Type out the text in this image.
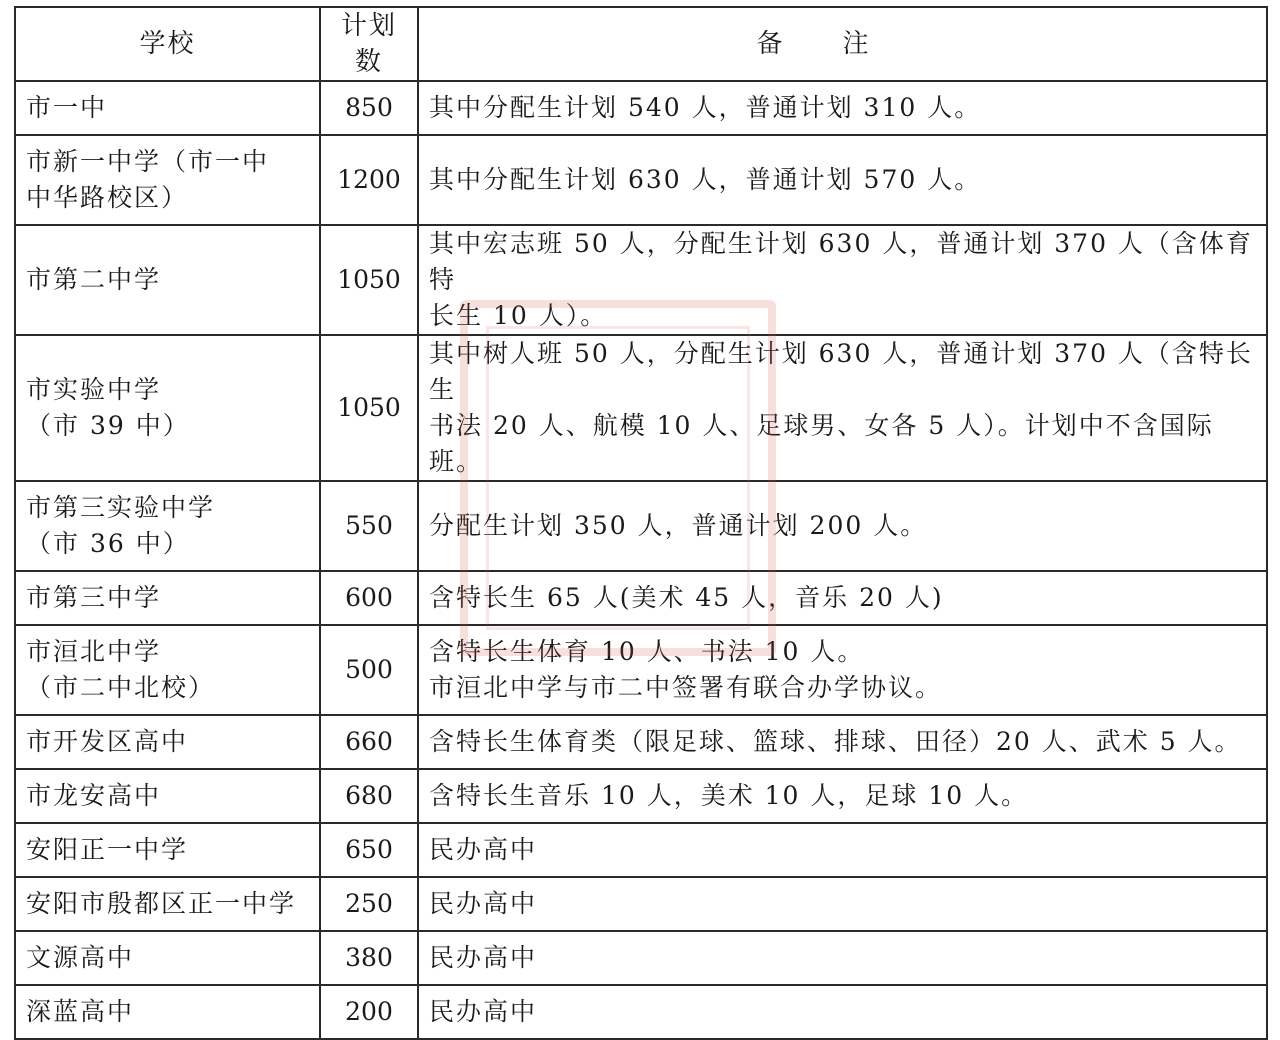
学校	计划数	备注

市一中	850	其中分配生计划 540 人，普通计划 310 人。

市新一中学（市一中
中华路校区）	1200	其中分配生计划 630 人，普通计划 570 人。

市第二中学	1050	其中宏志班 50 人，分配生计划 630 人，普通计划 370 人（含体育特
长生 10 人）。

市实验中学
（市 39 中）	1050	其中树人班 50 人，分配生计划 630 人，普通计划 370 人（含特长生
书法 20 人、航模 10 人、足球男、女各 5 人）。计划中不含国际班。

市第三实验中学
（市 36 中）	550	分配生计划 350 人，普通计划 200 人。

市第三中学	600	含特长生 65 人(美术 45 人，音乐 20 人)

市洹北中学
（市二中北校）	500	含特长生体育 10 人、书法 10 人。
市洹北中学与市二中签署有联合办学协议。

市开发区高中	660	含特长生体育类（限足球、篮球、排球、田径）20 人、武术 5 人。

市龙安高中	680	含特长生音乐 10 人，美术 10 人，足球 10 人。

安阳正一中学	650	民办高中

安阳市殷都区正一中学	250	民办高中

文源高中	380	民办高中

深蓝高中	200	民办高中
